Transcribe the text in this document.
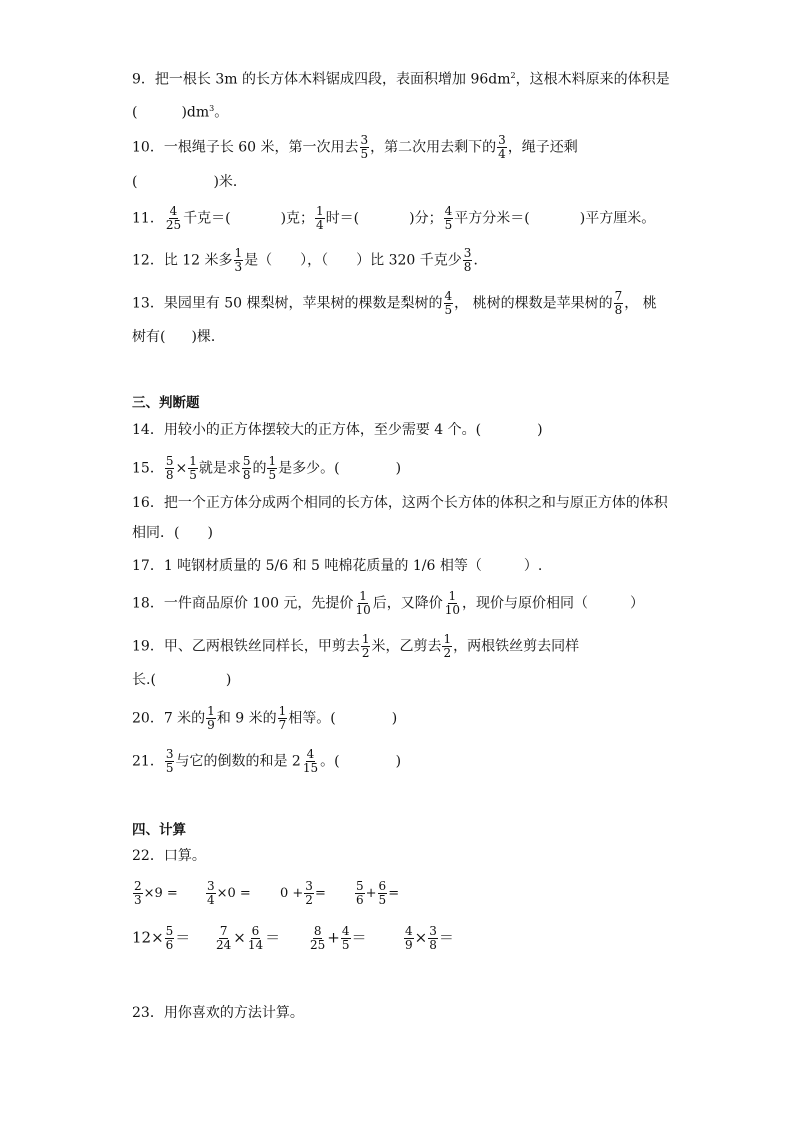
9．把一根长 3m 的长方体木料锯成四段，表面积增加 $96dm^2$，这根木料原来的体积是
(	)$dm^3$。
10．一根绳子长 60 米，第一次用去 $\frac{3}{5}$ ，第二次用去剩下的 $\frac{3}{4}$ ，绳子还剩
(	)米．
11． $\frac{4}{25}$ 千克＝(	)克； $\frac{1}{4}$ 时＝(	)分； $\frac{4}{5}$ 平方分米＝(	)平方厘米。
12．比 12 米多 $\frac{1}{3}$ 是（　　），（　　）比 320 千克少 $\frac{3}{8}$ ．
13．果园里有 50 棵梨树，苹果树的棵数是梨树的 $\frac{4}{5}$ ， 桃树的棵数是苹果树的 $\frac{7}{8}$ ， 桃
树有( )棵．
三、判断题
14．用较小的正方体摆较大的正方体，至少需要 4 个。(　　　　)
15． $\frac{5}{8} \times \frac{1}{5}$ 就是求 $\frac{5}{8}$ 的 $\frac{1}{5}$ 是多少。(　　　　)
16．把一个正方体分成两个相同的长方体，这两个长方体的体积之和与原正方体的体积
相同．(　　)
17．1 吨钢材质量的 5/6 和 5 吨棉花质量的 1/6 相等（　　　）.
18．一件商品原价 100 元，先提价 $\frac{1}{10}$ 后，又降价 $\frac{1}{10}$ ，现价与原价相同（　　　）
19．甲、乙两根铁丝同样长，甲剪去 $\frac{1}{2}$ 米，乙剪去 $\frac{1}{2}$ ，两根铁丝剪去同样
长.(　　　　　)
20．7 米的 $\frac{1}{9}$ 和 9 米的 $\frac{1}{7}$ 相等。(　　　　)
21． $\frac{3}{5}$ 与它的倒数的和是 $2 \frac{4}{15}$ 。(　　　　)
四、计算
22．口算。
$\frac{2}{3} \times 9 = \frac{3}{4} \times 0 = 0 + \frac{3}{2} = \frac{5}{6} + \frac{6}{5}$ =
$12\times \frac{5}{6} = \frac{7}{24} \times \frac{6}{14} = \frac{8}{25} + \frac{4}{5}$ ＝	$\frac{4}{9} \times \frac{3}{8}$ ＝
23．用你喜欢的方法计算。
